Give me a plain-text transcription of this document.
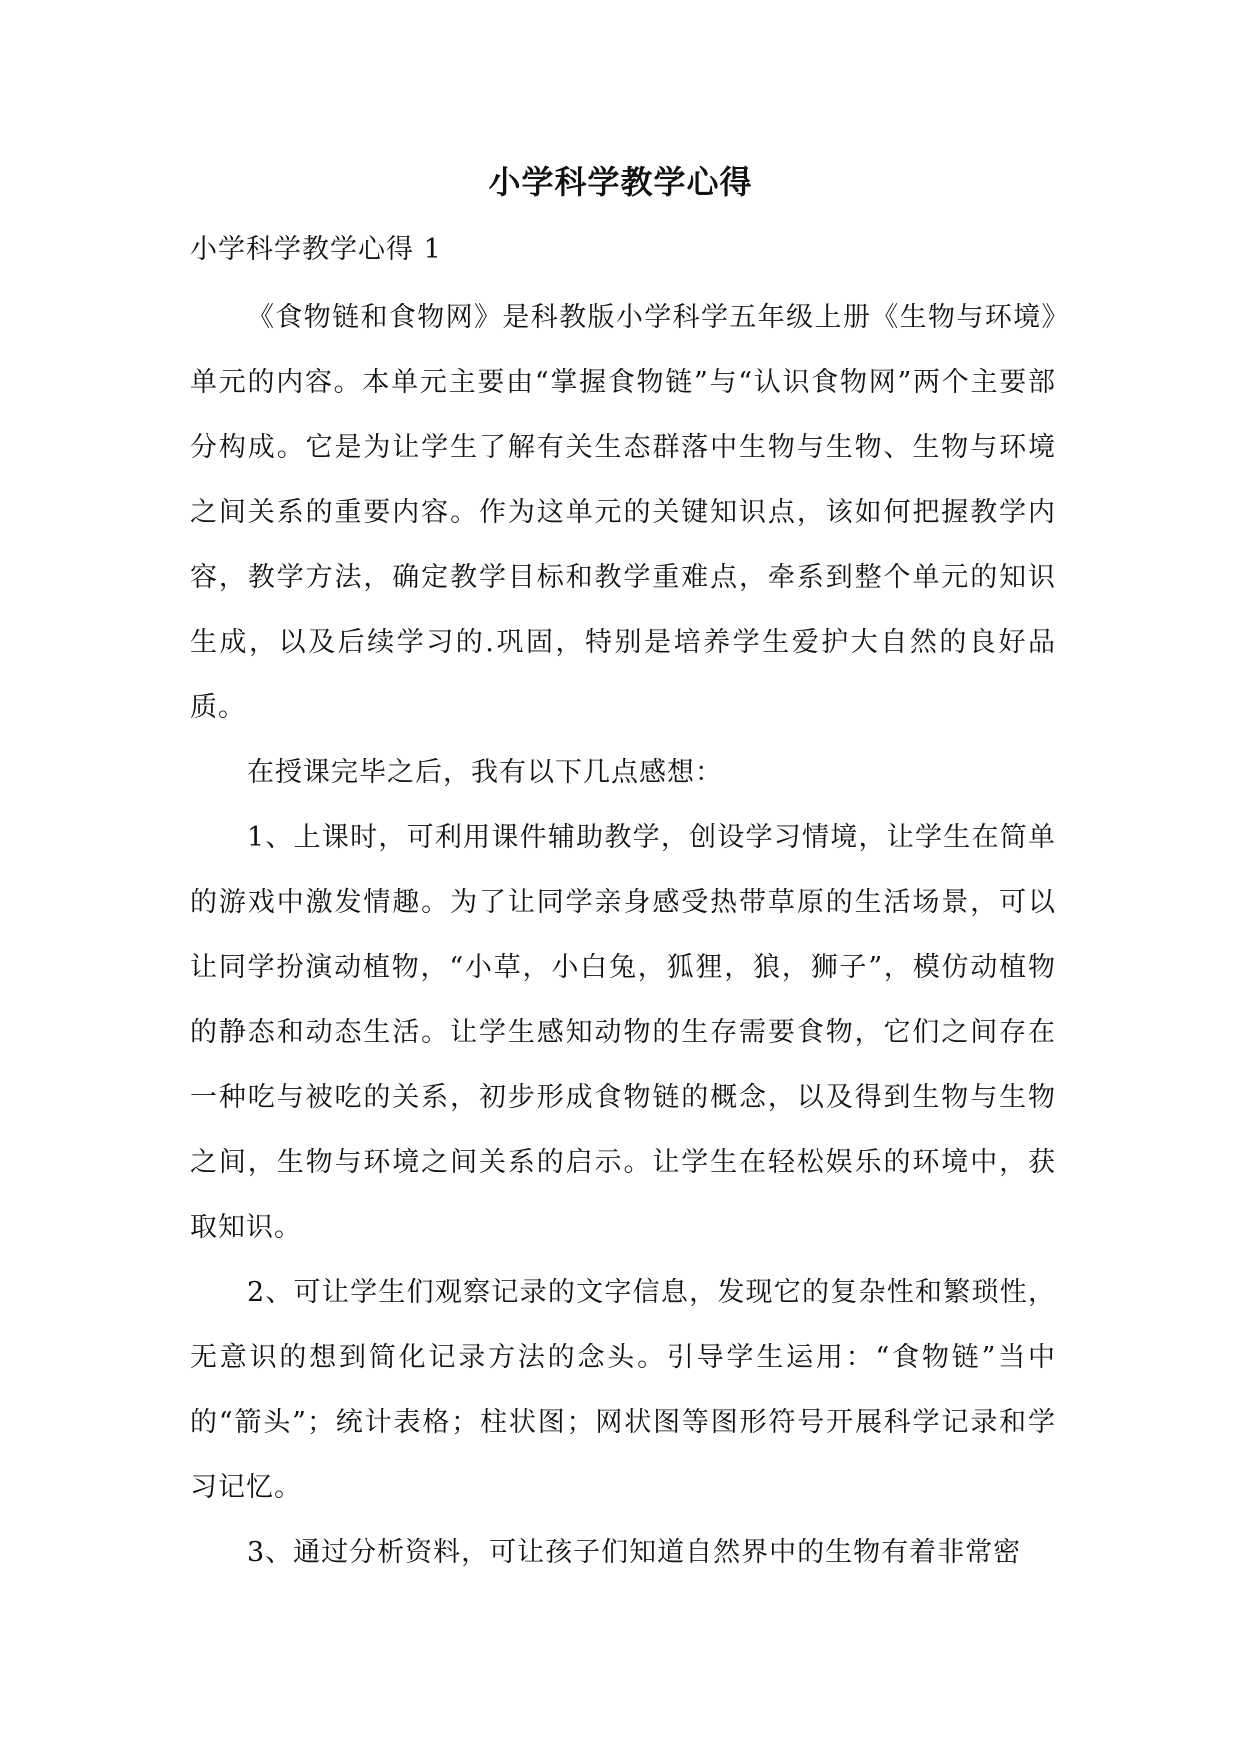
小学科学教学心得

小学科学教学心得 1

《食物链和食物网》是科教版小学科学五年级上册《生物与环境》单元的内容。本单元主要由“掌握食物链”与“认识食物网”两个主要部分构成。它是为让学生了解有关生态群落中生物与生物、生物与环境之间关系的重要内容。作为这单元的关键知识点，该如何把握教学内容，教学方法，确定教学目标和教学重难点，牵系到整个单元的知识生成，以及后续学习的.巩固，特别是培养学生爱护大自然的良好品质。

在授课完毕之后，我有以下几点感想：

1、上课时，可利用课件辅助教学，创设学习情境，让学生在简单的游戏中激发情趣。为了让同学亲身感受热带草原的生活场景，可以让同学扮演动植物，“小草，小白兔，狐狸，狼，狮子”，模仿动植物的静态和动态生活。让学生感知动物的生存需要食物，它们之间存在一种吃与被吃的关系，初步形成食物链的概念，以及得到生物与生物之间，生物与环境之间关系的启示。让学生在轻松娱乐的环境中，获取知识。

2、可让学生们观察记录的文字信息，发现它的复杂性和繁琐性，无意识的想到简化记录方法的念头。引导学生运用：“食物链”当中的“箭头”；统计表格；柱状图；网状图等图形符号开展科学记录和学习记忆。

3、通过分析资料，可让孩子们知道自然界中的生物有着非常密
